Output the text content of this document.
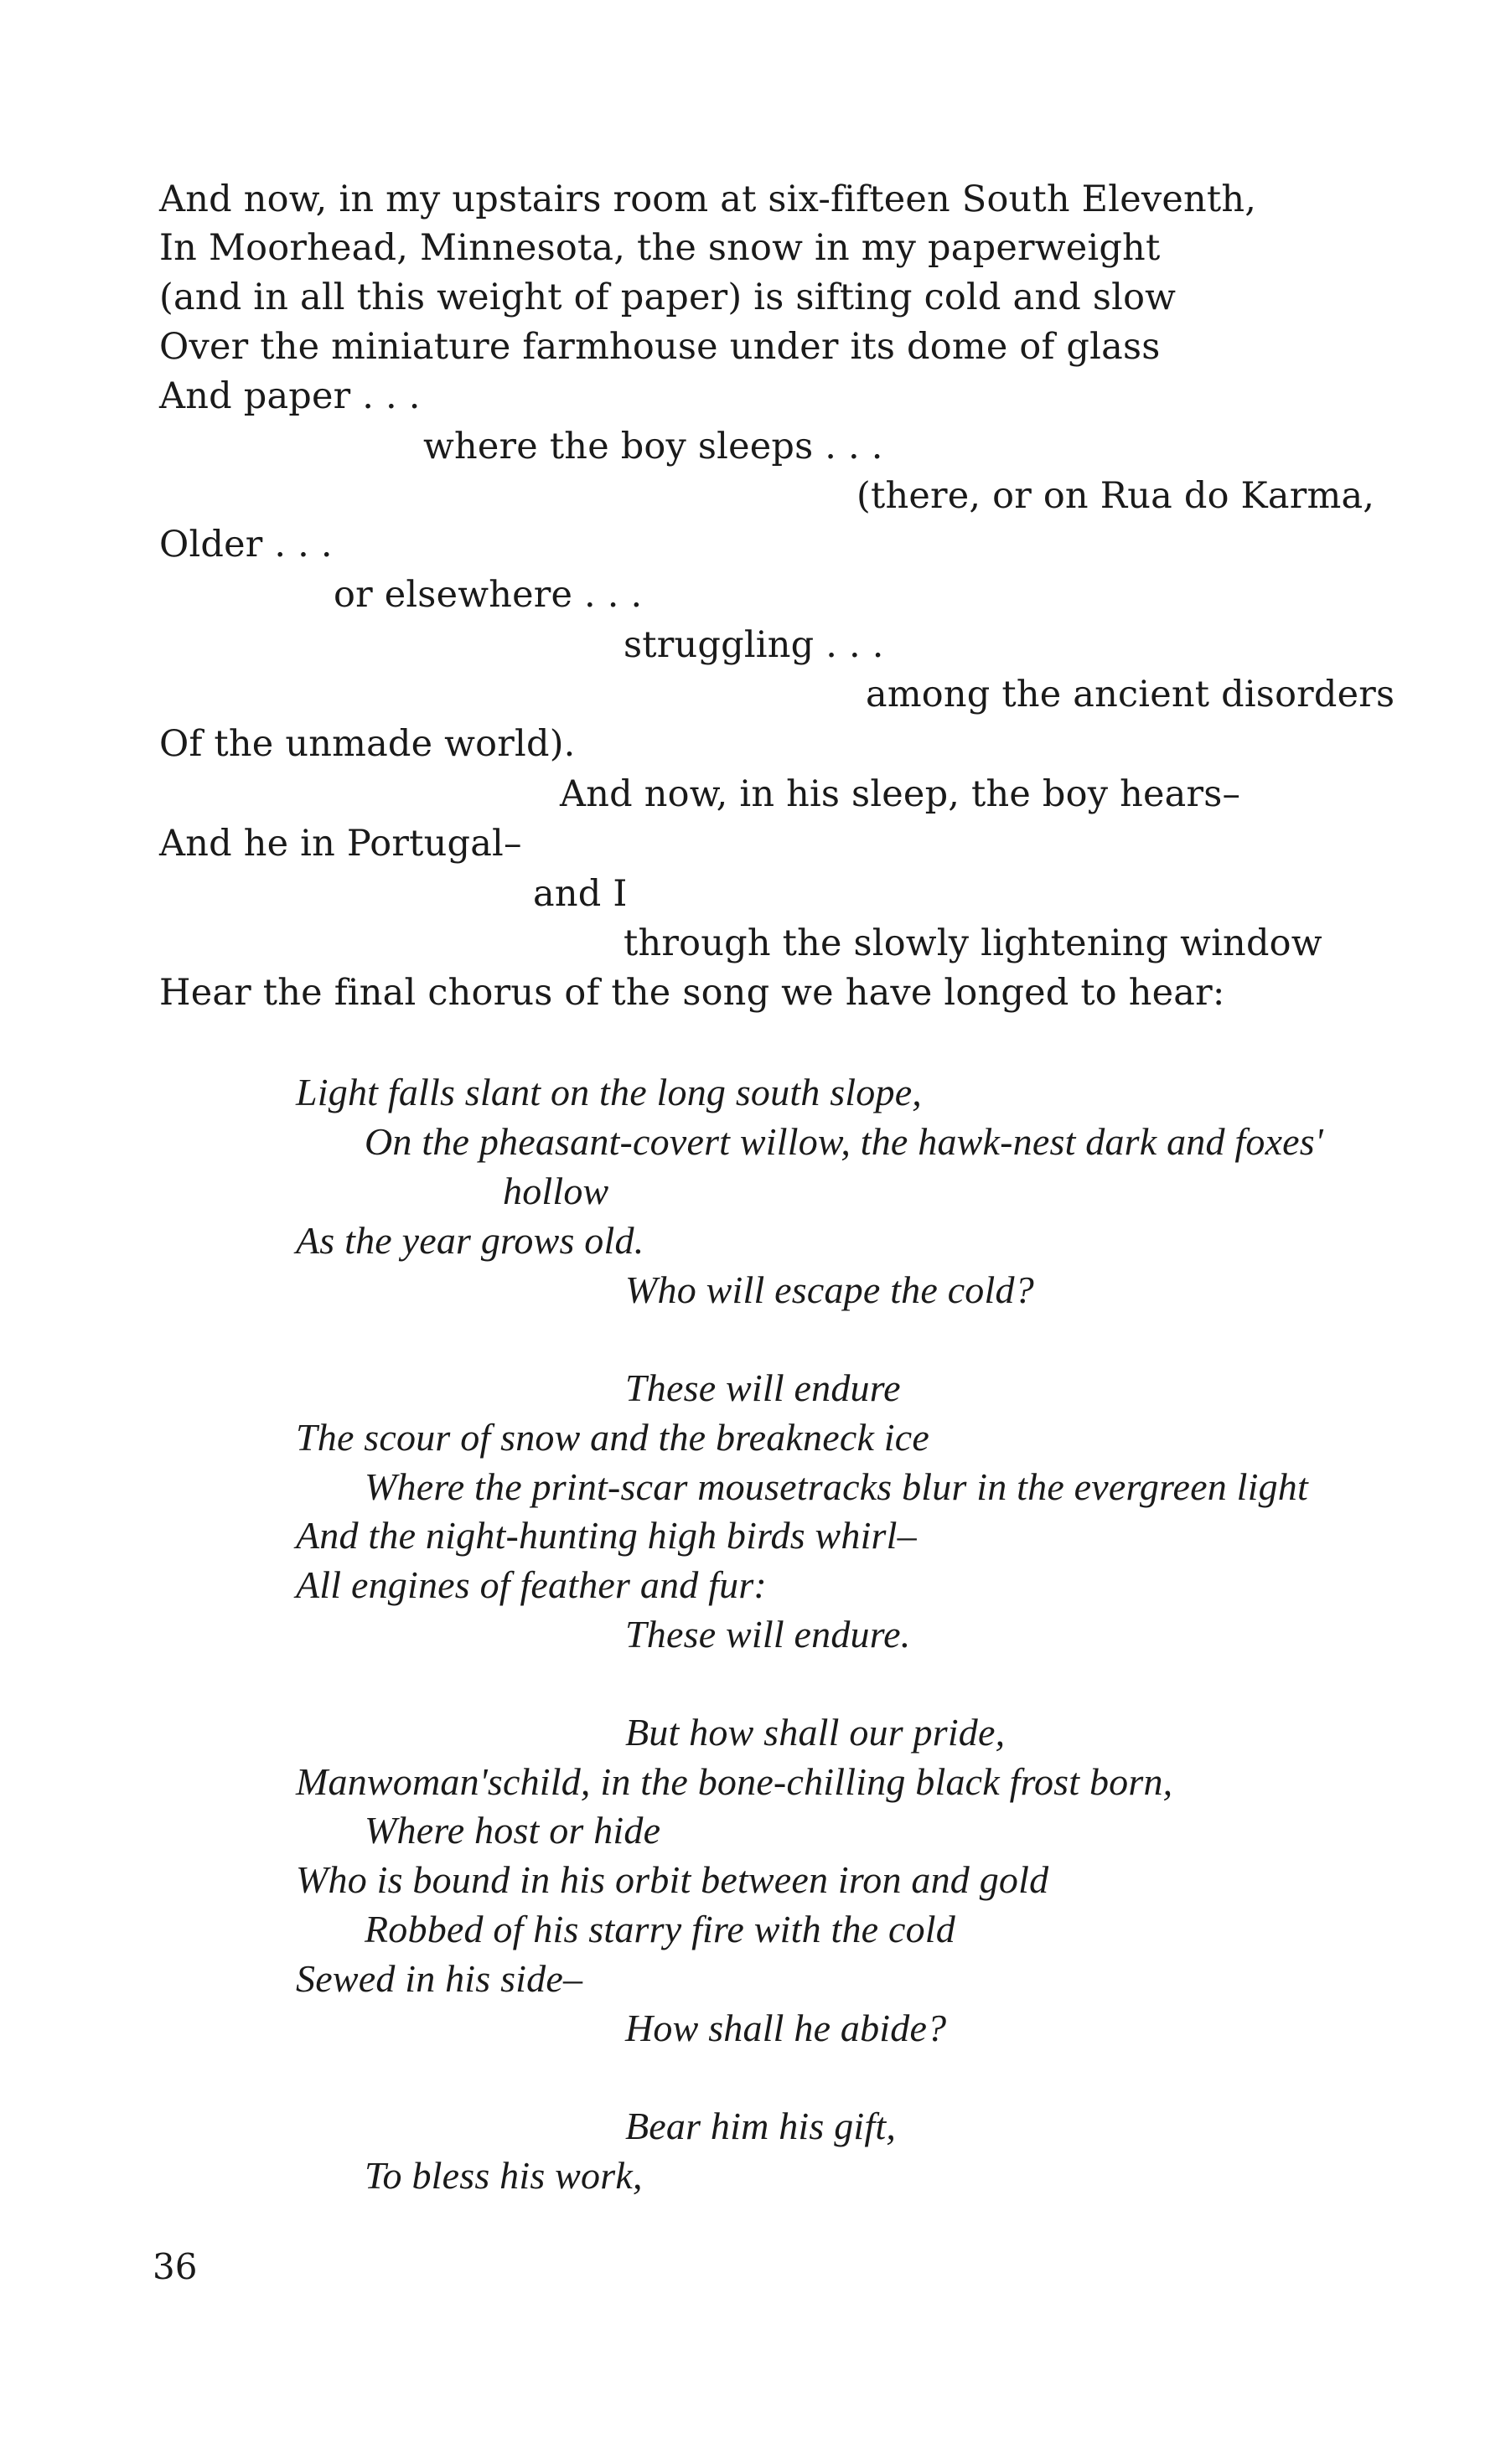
And now, in my upstairs room at six-fifteen South Eleventh,
In Moorhead, Minnesota, the snow in my paperweight
(and in all this weight of paper) is sifting cold and slow
Over the miniature farmhouse under its dome of glass
And paper . . .
where the boy sleeps . . .
(there, or on Rua do Karma,
Older . . .
or elsewhere . . .
struggling . . .
among the ancient disorders
Of the unmade world).
And now, in his sleep, the boy hears–
And he in Portugal–
and I
through the slowly lightening window
Hear the final chorus of the song we have longed to hear:
Light falls slant on the long south slope,
On the pheasant-covert willow, the hawk-nest dark and foxes'
hollow
As the year grows old.
Who will escape the cold?
These will endure
The scour of snow and the breakneck ice
Where the print-scar mousetracks blur in the evergreen light
And the night-hunting high birds whirl–
All engines of feather and fur:
These will endure.
But how shall our pride,
Manwoman'schild, in the bone-chilling black frost born,
Where host or hide
Who is bound in his orbit between iron and gold
Robbed of his starry fire with the cold
Sewed in his side–
How shall he abide?
Bear him his gift,
To bless his work,
36
